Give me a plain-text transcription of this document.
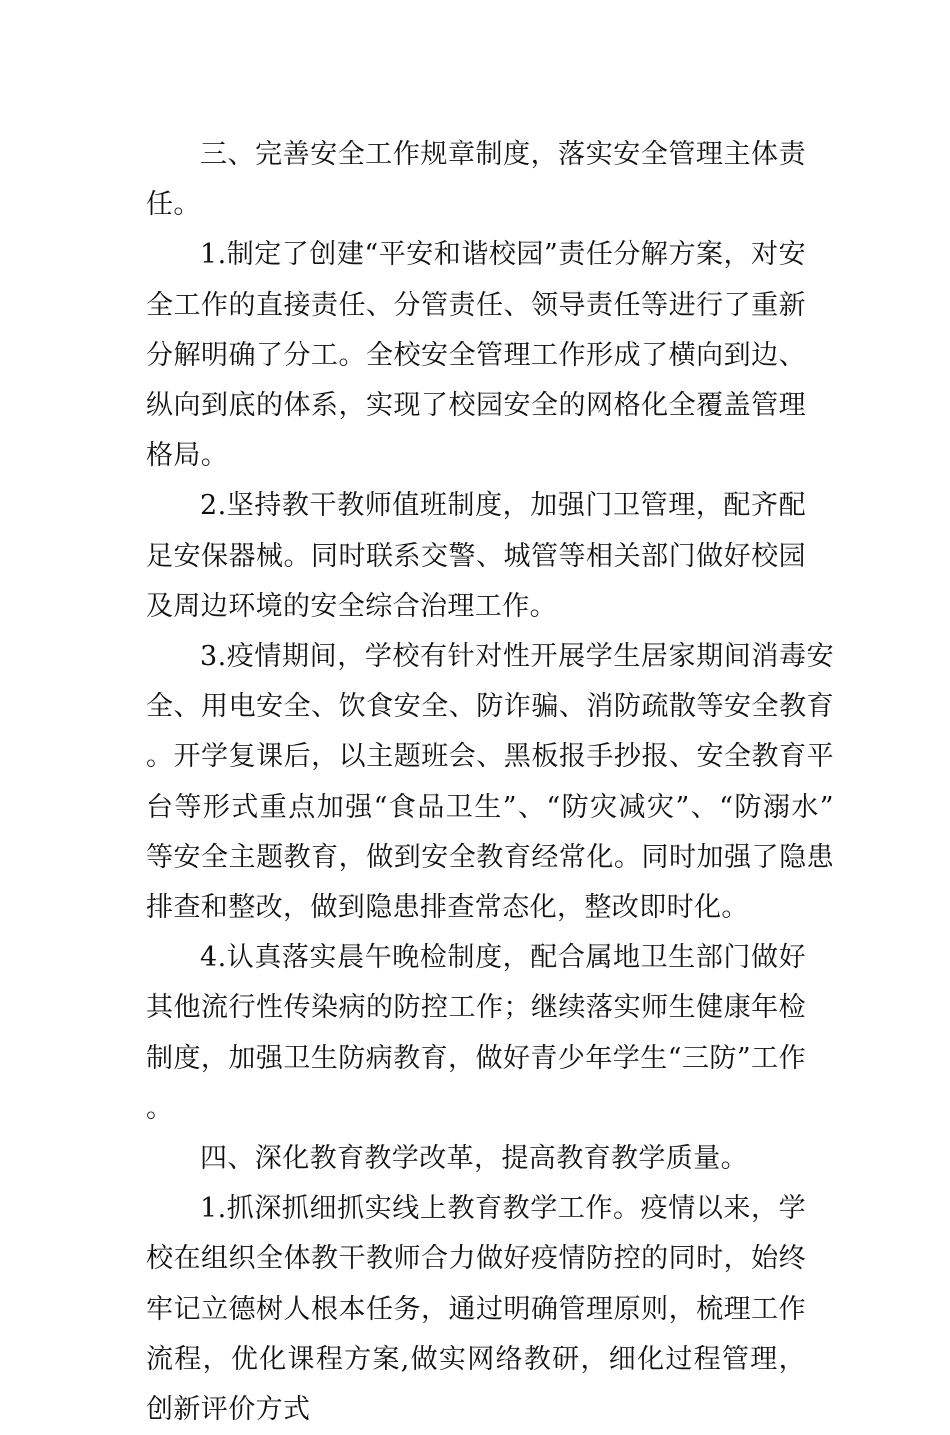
三、完善安全工作规章制度，落实安全管理主体责任。

1.制定了创建“平安和谐校园”责任分解方案，对安全工作的直接责任、分管责任、领导责任等进行了重新分解明确了分工。全校安全管理工作形成了横向到边、纵向到底的体系，实现了校园安全的网格化全覆盖管理格局。

2.坚持教干教师值班制度，加强门卫管理，配齐配足安保器械。同时联系交警、城管等相关部门做好校园及周边环境的安全综合治理工作。

3.疫情期间，学校有针对性开展学生居家期间消毒安全、用电安全、饮食安全、防诈骗、消防疏散等安全教育。开学复课后，以主题班会、黑板报手抄报、安全教育平台等形式重点加强“食品卫生”、“防灾减灾”、“防溺水”等安全主题教育，做到安全教育经常化。同时加强了隐患排查和整改，做到隐患排查常态化，整改即时化。

4.认真落实晨午晚检制度，配合属地卫生部门做好其他流行性传染病的防控工作；继续落实师生健康年检制度，加强卫生防病教育，做好青少年学生“三防”工作。

四、深化教育教学改革，提高教育教学质量。

1.抓深抓细抓实线上教育教学工作。疫情以来，学校在组织全体教干教师合力做好疫情防控的同时，始终牢记立德树人根本任务，通过明确管理原则，梳理工作流程，优化课程方案,做实网络教研，细化过程管理，创新评价方式
